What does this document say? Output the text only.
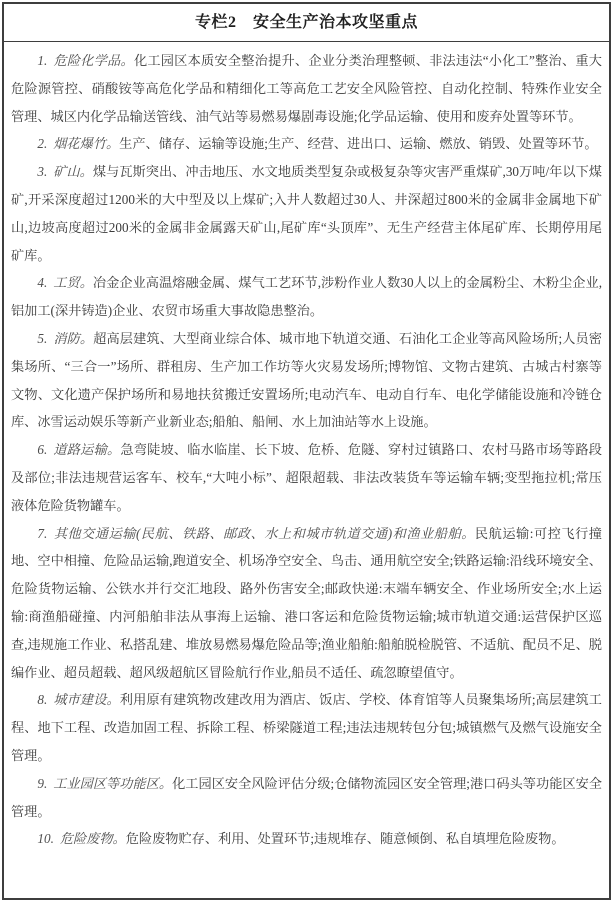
专栏2　安全生产治本攻坚重点

1. 危险化学品。化工园区本质安全整治提升、企业分类治理整顿、非法违法“小化工”整治、重大危险源管控、硝酸铵等高危化学品和精细化工等高危工艺安全风险管控、自动化控制、特殊作业安全管理、城区内化学品输送管线、油气站等易燃易爆剧毒设施;化学品运输、使用和废弃处置等环节。

2. 烟花爆竹。生产、储存、运输等设施;生产、经营、进出口、运输、燃放、销毁、处置等环节。

3. 矿山。煤与瓦斯突出、冲击地压、水文地质类型复杂或极复杂等灾害严重煤矿,30万吨/年以下煤矿,开采深度超过1200米的大中型及以上煤矿;入井人数超过30人、井深超过800米的金属非金属地下矿山,边坡高度超过200米的金属非金属露天矿山,尾矿库“头顶库”、无生产经营主体尾矿库、长期停用尾矿库。

4. 工贸。冶金企业高温熔融金属、煤气工艺环节,涉粉作业人数30人以上的金属粉尘、木粉尘企业,铝加工(深井铸造)企业、农贸市场重大事故隐患整治。

5. 消防。超高层建筑、大型商业综合体、城市地下轨道交通、石油化工企业等高风险场所;人员密集场所、“三合一”场所、群租房、生产加工作坊等火灾易发场所;博物馆、文物古建筑、古城古村寨等文物、文化遗产保护场所和易地扶贫搬迁安置场所;电动汽车、电动自行车、电化学储能设施和冷链仓库、冰雪运动娱乐等新产业新业态;船舶、船闸、水上加油站等水上设施。

6. 道路运输。急弯陡坡、临水临崖、长下坡、危桥、危隧、穿村过镇路口、农村马路市场等路段及部位;非法违规营运客车、校车,“大吨小标”、超限超载、非法改装货车等运输车辆;变型拖拉机;常压液体危险货物罐车。

7. 其他交通运输(民航、铁路、邮政、水上和城市轨道交通)和渔业船舶。民航运输:可控飞行撞地、空中相撞、危险品运输,跑道安全、机场净空安全、鸟击、通用航空安全;铁路运输:沿线环境安全、危险货物运输、公铁水并行交汇地段、路外伤害安全;邮政快递:末端车辆安全、作业场所安全;水上运输:商渔船碰撞、内河船舶非法从事海上运输、港口客运和危险货物运输;城市轨道交通:运营保护区巡查,违规施工作业、私搭乱建、堆放易燃易爆危险品等;渔业船舶:船舶脱检脱管、不适航、配员不足、脱编作业、超员超载、超风级超航区冒险航行作业,船员不适任、疏忽瞭望值守。

8. 城市建设。利用原有建筑物改建改用为酒店、饭店、学校、体育馆等人员聚集场所;高层建筑工程、地下工程、改造加固工程、拆除工程、桥梁隧道工程;违法违规转包分包;城镇燃气及燃气设施安全管理。

9. 工业园区等功能区。化工园区安全风险评估分级;仓储物流园区安全管理;港口码头等功能区安全管理。

10. 危险废物。危险废物贮存、利用、处置环节;违规堆存、随意倾倒、私自填埋危险废物。
